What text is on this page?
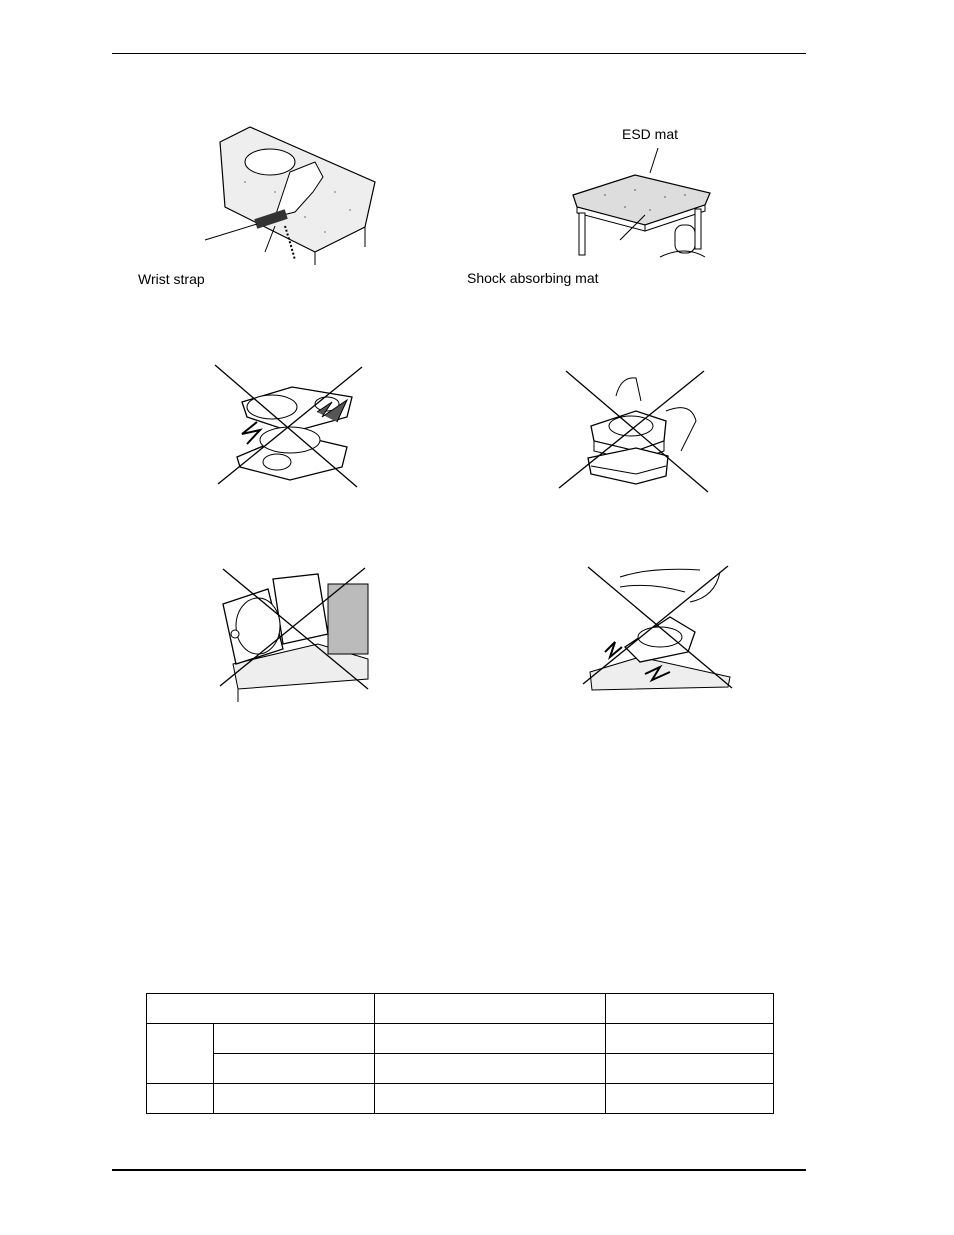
Wrist strap
ESD mat
Shock absorbing mat
